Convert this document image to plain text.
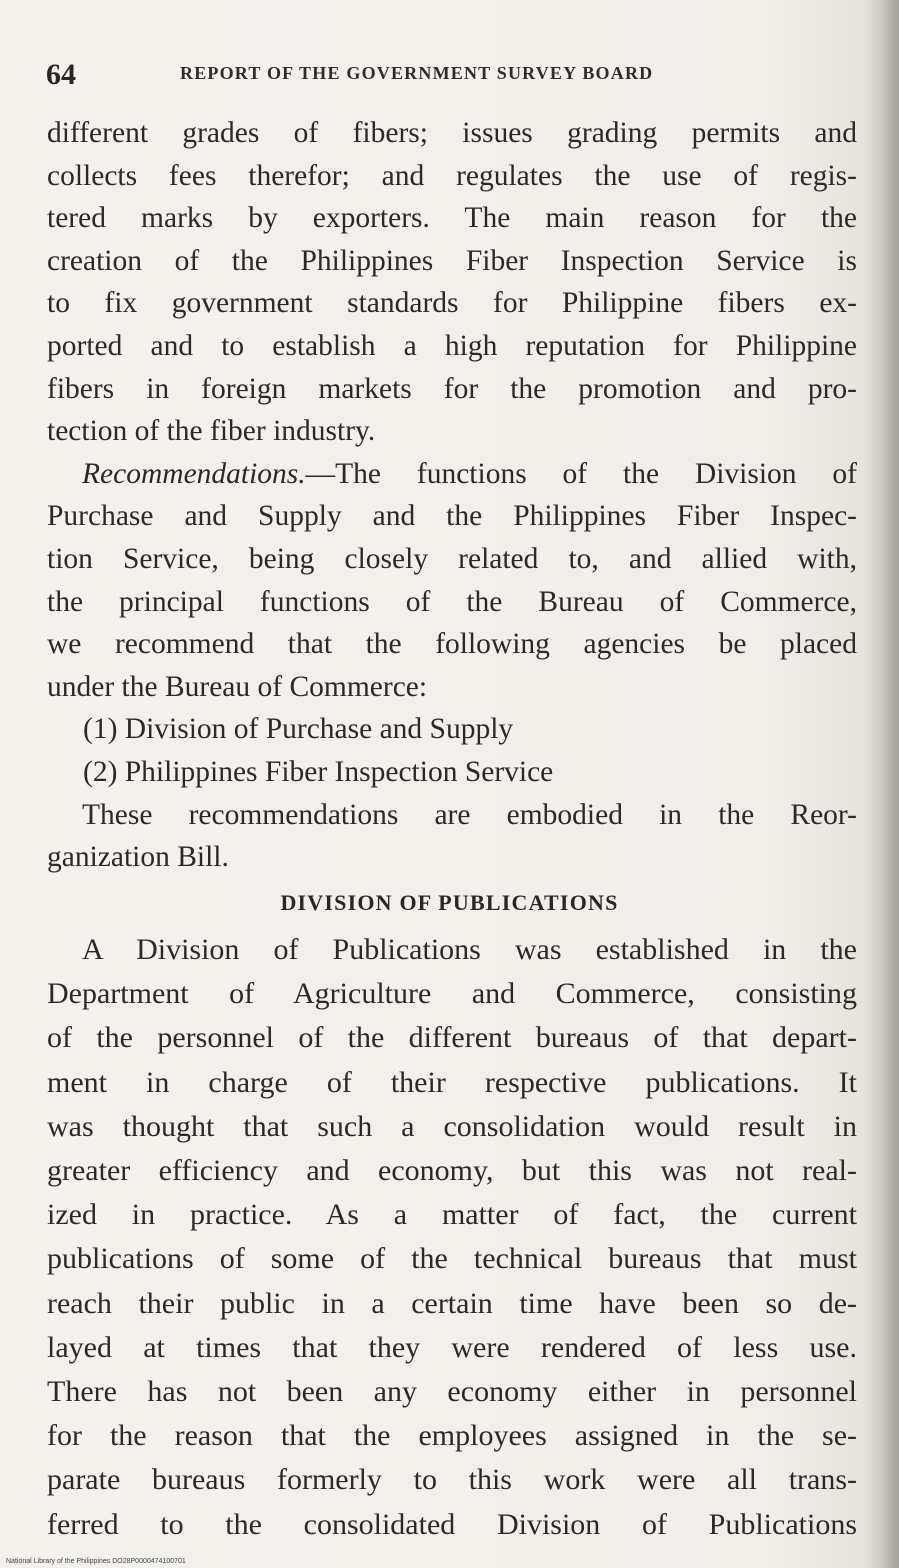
64	REPORT OF THE GOVERNMENT SURVEY BOARD
different grades of fibers; issues grading permits and
collects fees therefor; and regulates the use of regis-
tered marks by exporters. The main reason for the
creation of the Philippines Fiber Inspection Service is
to fix government standards for Philippine fibers ex-
ported and to establish a high reputation for Philippine
fibers in foreign markets for the promotion and pro-
tection of the fiber industry.
Recommendations.—The functions of the Division of
Purchase and Supply and the Philippines Fiber Inspec-
tion Service, being closely related to, and allied with,
the principal functions of the Bureau of Commerce,
we recommend that the following agencies be placed
under the Bureau of Commerce:
(1) Division of Purchase and Supply
(2) Philippines Fiber Inspection Service
These recommendations are embodied in the Reor-
ganization Bill.
DIVISION OF PUBLICATIONS
A Division of Publications was established in the
Department of Agriculture and Commerce, consisting
of the personnel of the different bureaus of that depart-
ment in charge of their respective publications. It
was thought that such a consolidation would result in
greater efficiency and economy, but this was not real-
ized in practice. As a matter of fact, the current
publications of some of the technical bureaus that must
reach their public in a certain time have been so de-
layed at times that they were rendered of less use.
There has not been any economy either in personnel
for the reason that the employees assigned in the se-
parate bureaus formerly to this work were all trans-
ferred to the consolidated Division of Publications
National Library of the Philippines DO28P0000474100701
